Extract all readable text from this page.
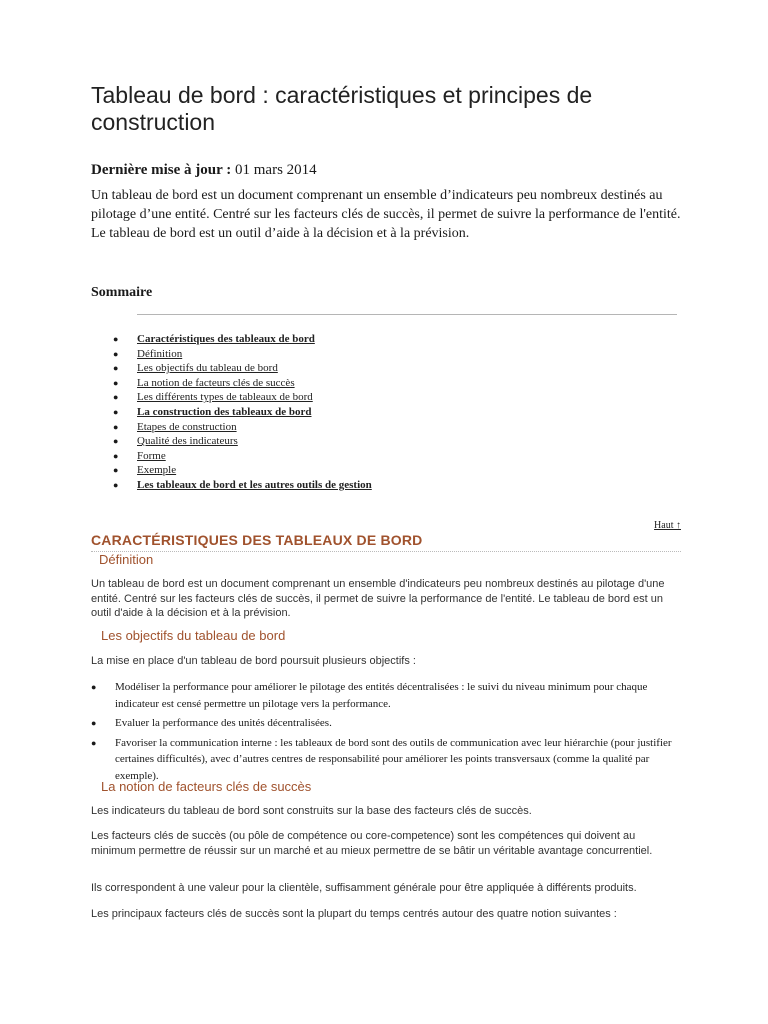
Tableau de bord : caractéristiques et principes de construction

Dernière mise à jour : 01 mars 2014

Un tableau de bord est un document comprenant un ensemble d’indicateurs peu nombreux destinés au pilotage d’une entité. Centré sur les facteurs clés de succès, il permet de suivre la performance de l'entité. Le tableau de bord est un outil d’aide à la décision et à la prévision.

Sommaire
● Caractéristiques des tableaux de bord
● Définition
● Les objectifs du tableau de bord
● La notion de facteurs clés de succès
● Les différents types de tableaux de bord
● La construction des tableaux de bord
● Etapes de construction
● Qualité des indicateurs
● Forme
● Exemple
● Les tableaux de bord et les autres outils de gestion
Haut ↑
CARACTÉRISTIQUES DES TABLEAUX DE BORD
Définition

Un tableau de bord est un document comprenant un ensemble d'indicateurs peu nombreux destinés au pilotage d'une entité. Centré sur les facteurs clés de succès, il permet de suivre la performance de l'entité. Le tableau de bord est un outil d'aide à la décision et à la prévision.

Les objectifs du tableau de bord

La mise en place d'un tableau de bord poursuit plusieurs objectifs :

● Modéliser la performance pour améliorer le pilotage des entités décentralisées : le suivi du niveau minimum pour chaque indicateur est censé permettre un pilotage vers la performance.
● Evaluer la performance des unités décentralisées.
● Favoriser la communication interne : les tableaux de bord sont des outils de communication avec leur hiérarchie (pour justifier certaines difficultés), avec d’autres centres de responsabilité pour améliorer les points transversaux (comme la qualité par exemple).
La notion de facteurs clés de succès

Les indicateurs du tableau de bord sont construits sur la base des facteurs clés de succès.

Les facteurs clés de succès (ou pôle de compétence ou core-competence) sont les compétences qui doivent au minimum permettre de réussir sur un marché et au mieux permettre de se bâtir un véritable avantage concurrentiel.

Ils correspondent à une valeur pour la clientèle, suffisamment générale pour être appliquée à différents produits.

Les principaux facteurs clés de succès sont la plupart du temps centrés autour des quatre notion suivantes :
